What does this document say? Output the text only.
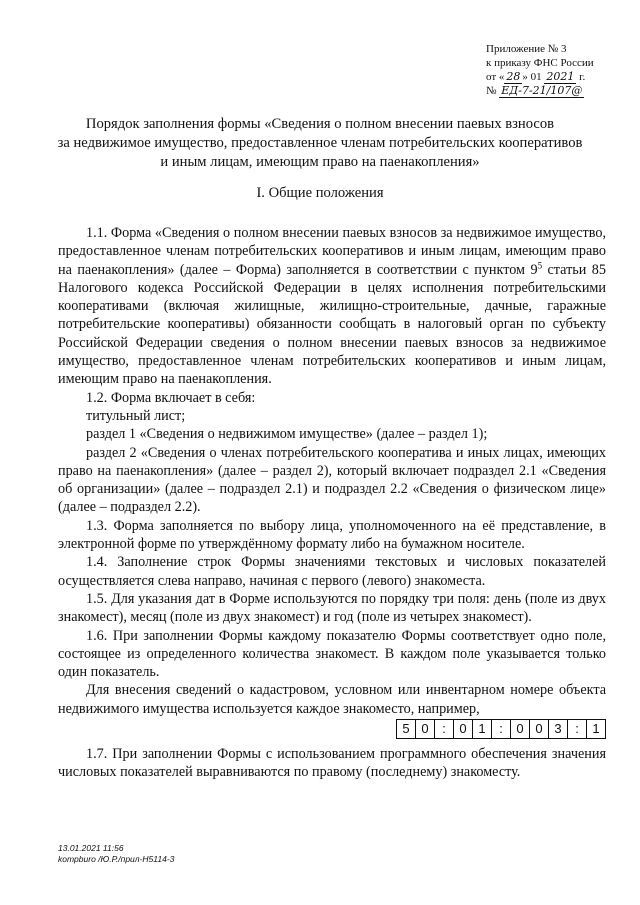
Приложение № 3
к приказу ФНС России
от « 28 » 01 2021 г.
№ ЕД-7-21/107@
Порядок заполнения формы «Сведения о полном внесении паевых взносов
за недвижимое имущество, предоставленное членам потребительских кооперативов
и иным лицам, имеющим право на паенакопления»
I. Общие положения

1.1. Форма «Сведения о полном внесении паевых взносов за недвижимое имущество, предоставленное членам потребительских кооперативов и иным лицам, имеющим право на паенакопления» (далее – Форма) заполняется в соответствии с пунктом $9^5$ статьи 85 Налогового кодекса Российской Федерации в целях исполнения потребительскими кооперативами (включая жилищные, жилищно-строительные, дачные, гаражные потребительские кооперативы) обязанности сообщать в налоговый орган по субъекту Российской Федерации сведения о полном внесении паевых взносов за недвижимое имущество, предоставленное членам потребительских кооперативов и иным лицам, имеющим право на паенакопления.

1.2. Форма включает в себя:

титульный лист;

раздел 1 «Сведения о недвижимом имуществе» (далее – раздел 1);

раздел 2 «Сведения о членах потребительского кооператива и иных лицах, имеющих право на паенакопления» (далее – раздел 2), который включает подраздел 2.1 «Сведения об организации» (далее – подраздел 2.1) и подраздел 2.2 «Сведения о физическом лице» (далее – подраздел 2.2).

1.3. Форма заполняется по выбору лица, уполномоченного на её представление, в электронной форме по утверждённому формату либо на бумажном носителе.

1.4. Заполнение строк Формы значениями текстовых и числовых показателей осуществляется слева направо, начиная с первого (левого) знакоместа.

1.5. Для указания дат в Форме используются по порядку три поля: день (поле из двух знакомест), месяц (поле из двух знакомест) и год (поле из четырех знакомест).

1.6. При заполнении Формы каждому показателю Формы соответствует одно поле, состоящее из определенного количества знакомест. В каждом поле указывается только один показатель.

Для внесения сведений о кадастровом, условном или инвентарном номере объекта недвижимого имущества используется каждое знакоместо, например,

5 0	:	0 1	:	0 0 3	:	1

1.7. При заполнении Формы с использованием программного обеспечения значения числовых показателей выравниваются по правому (последнему) знакоместу.

13.01.2021 11:56
kompburo /Ю.Р./прил-Н5114-3
